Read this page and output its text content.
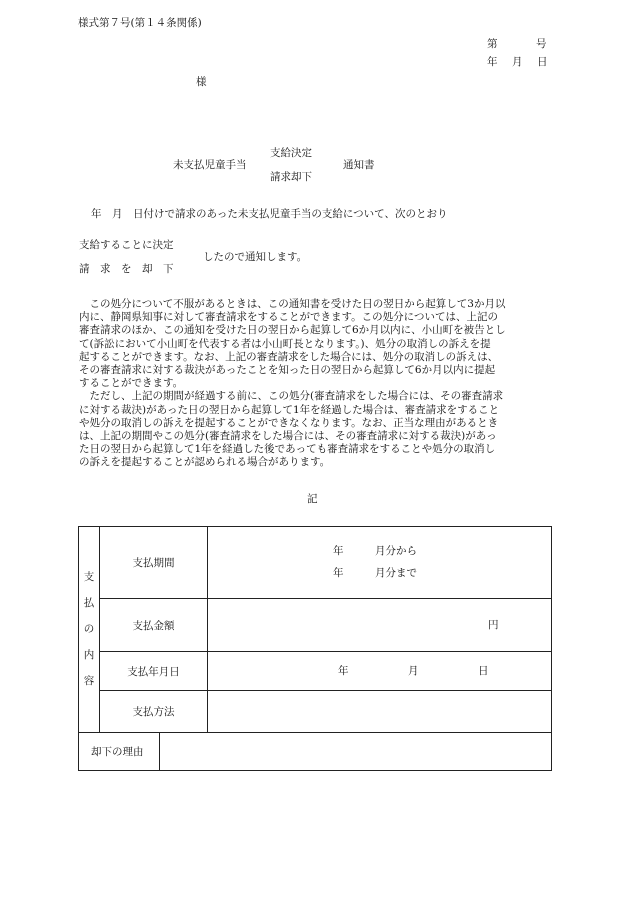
様式第７号(第１４条関係)
第	号
年 月 日
様
支給決定
未支払児童手当	通知書
請求却下
年　月　日付けで請求のあった未支払児童手当の支給について、次のとおり
支給することに決定
したので通知します。
請　求　を　却　下
　この処分について不服があるときは、この通知書を受けた日の翌日から起算して3か月以
内に、静岡県知事に対して審査請求をすることができます。この処分については、上記の
審査請求のほか、この通知を受けた日の翌日から起算して6か月以内に、小山町を被告とし
て(訴訟において小山町を代表する者は小山町長となります。)、処分の取消しの訴えを提
起することができます。なお、上記の審査請求をした場合には、処分の取消しの訴えは、
その審査請求に対する裁決があったことを知った日の翌日から起算して6か月以内に提起
することができます。
　ただし、上記の期間が経過する前に、この処分(審査請求をした場合には、その審査請求
に対する裁決)があった日の翌日から起算して1年を経過した場合は、審査請求をすること
や処分の取消しの訴えを提起することができなくなります。なお、正当な理由があるとき
は、上記の期間やこの処分(審査請求をした場合には、その審査請求に対する裁決)があっ
た日の翌日から起算して1年を経過した後であっても審査請求をすることや処分の取消し
の訴えを提起することが認められる場合があります。
記
支
払
の
内
容	支払期間	年　　　月分から
年　　　月分まで

	支払金額	円

	支払年月日	年 月 日

	支払方法	

却下の理由		
